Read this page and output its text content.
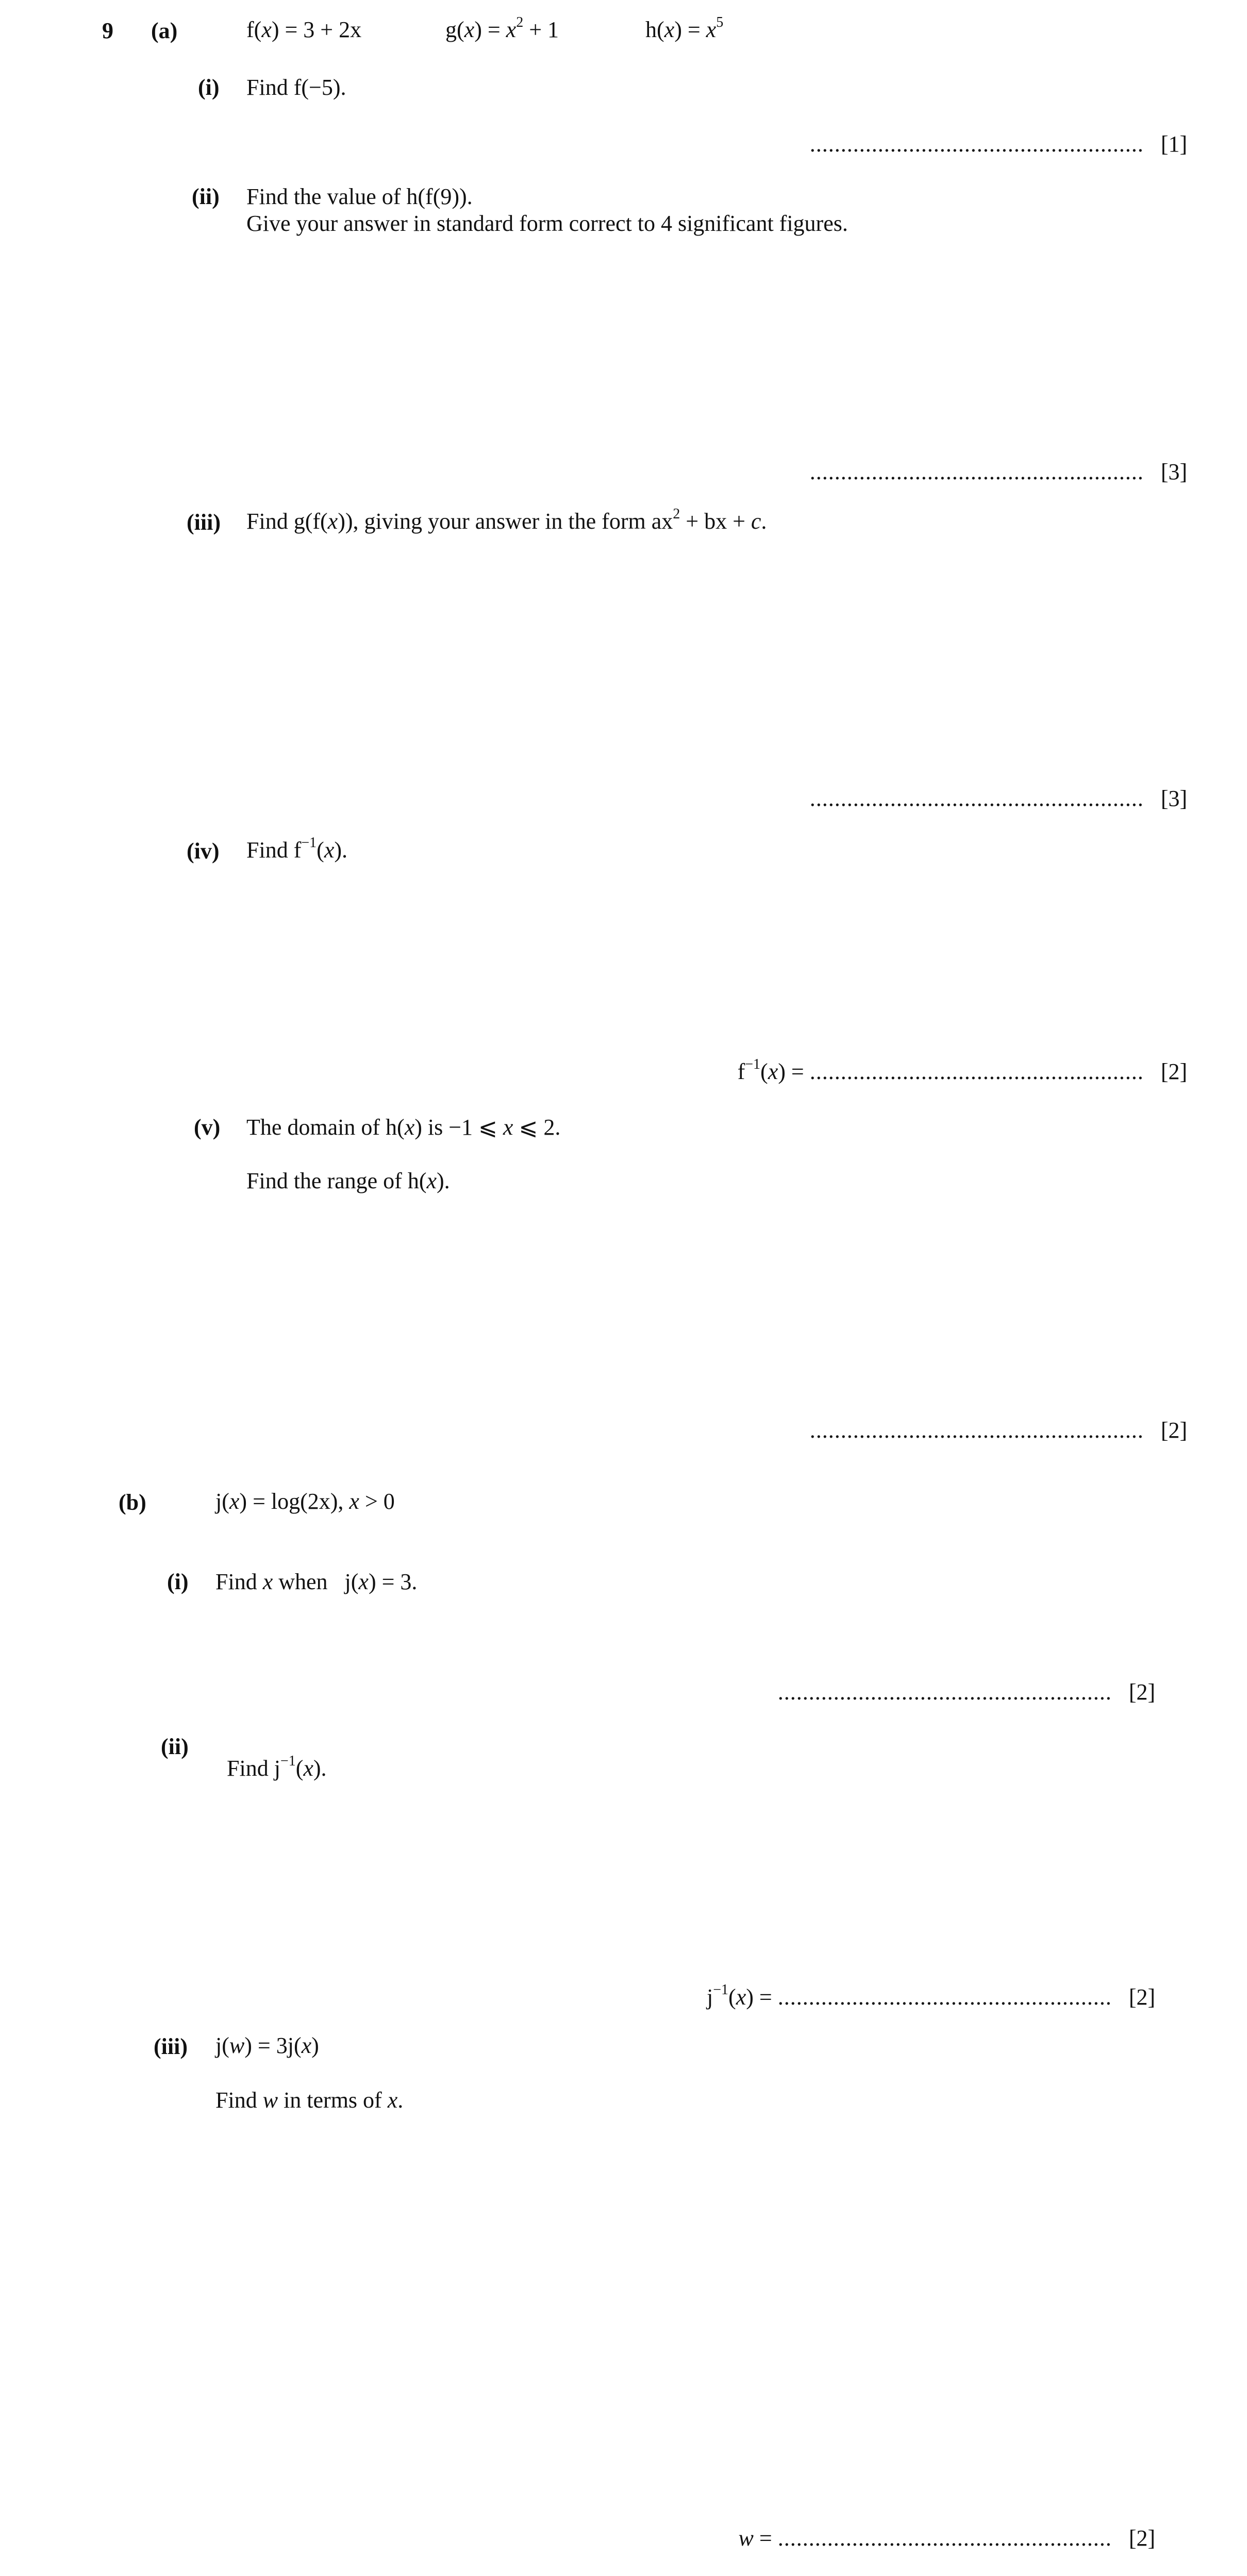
9 (a)	f(x) = 3 + 2x	$g(x) = x^2 + 1$	$h(x) = x^5$
(i) Find f(−5).
...................................................... [1]
(ii) Find the value of h(f(9)).
Give your answer in standard form correct to 4 significant figures.
...................................................... [3]
(iii) Find g(f(x)), giving your answer in the form $ax^2$ + bx + c.
...................................................... [3]
(iv) Find $f^{-1}(x)$.
$f^{-1}(x)$ = ...................................................... [2]
(v) The domain of h(x) is −1 ⩽ x ⩽ 2.
Find the range of h(x).
...................................................... [2]
(b)	j(x) = log(2x), x > 0
(i) Find x when   j(x) = 3.
...................................................... [2]
(ii)

Find $j^{-1}(x)$.

$j^{-1}(x)$ = ...................................................... [2]
(iii) j(w) = 3j(x)
Find w in terms of x.
w = ...................................................... [2]
